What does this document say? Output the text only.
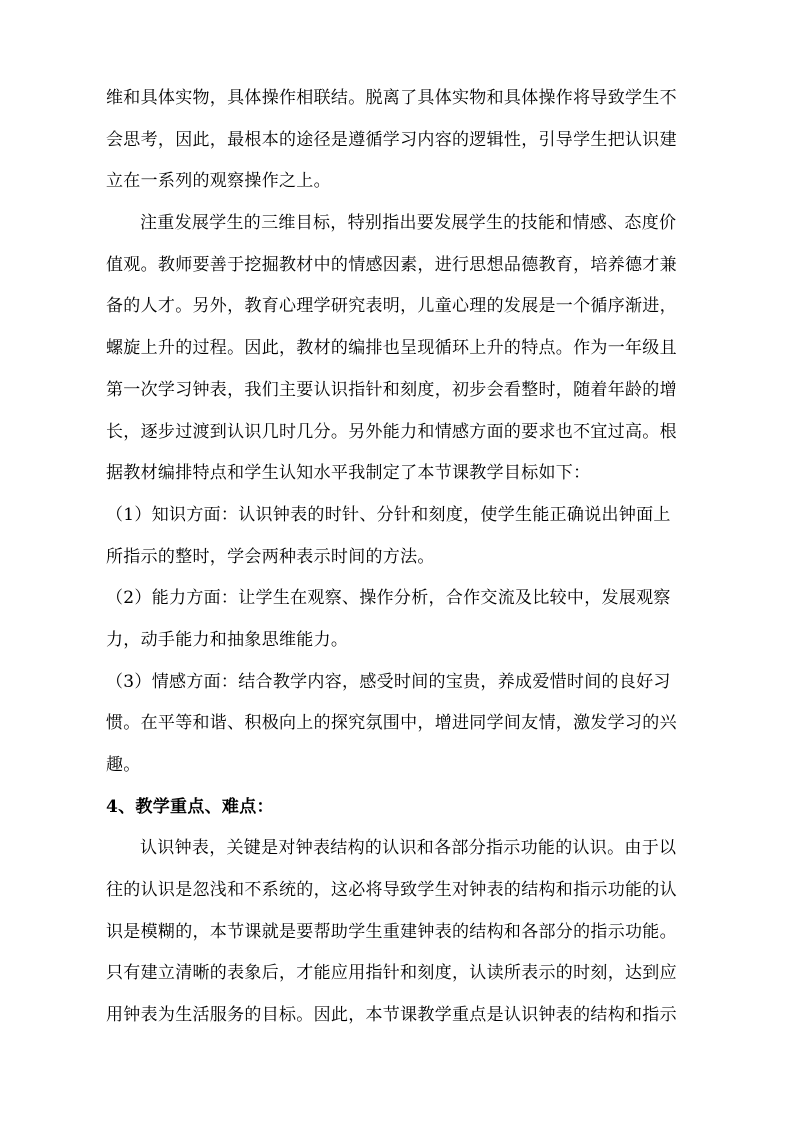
维和具体实物，具体操作相联结。脱离了具体实物和具体操作将导致学生不
会思考，因此，最根本的途径是遵循学习内容的逻辑性，引导学生把认识建
立在一系列的观察操作之上。
注重发展学生的三维目标，特别指出要发展学生的技能和情感、态度价
值观。教师要善于挖掘教材中的情感因素，进行思想品德教育，培养德才兼
备的人才。另外，教育心理学研究表明，儿童心理的发展是一个循序渐进，
螺旋上升的过程。因此，教材的编排也呈现循环上升的特点。作为一年级且
第一次学习钟表，我们主要认识指针和刻度，初步会看整时，随着年龄的增
长，逐步过渡到认识几时几分。另外能力和情感方面的要求也不宜过高。根
据教材编排特点和学生认知水平我制定了本节课教学目标如下：
（1）知识方面：认识钟表的时针、分针和刻度，使学生能正确说出钟面上
所指示的整时，学会两种表示时间的方法。
（2）能力方面：让学生在观察、操作分析，合作交流及比较中，发展观察
力，动手能力和抽象思维能力。
（3）情感方面：结合教学内容，感受时间的宝贵，养成爱惜时间的良好习
惯。在平等和谐、积极向上的探究氛围中，增进同学间友情，激发学习的兴
趣。
4、教学重点、难点：
认识钟表，关键是对钟表结构的认识和各部分指示功能的认识。由于以
往的认识是忽浅和不系统的，这必将导致学生对钟表的结构和指示功能的认
识是模糊的，本节课就是要帮助学生重建钟表的结构和各部分的指示功能。
只有建立清晰的表象后，才能应用指针和刻度，认读所表示的时刻，达到应
用钟表为生活服务的目标。因此，本节课教学重点是认识钟表的结构和指示
